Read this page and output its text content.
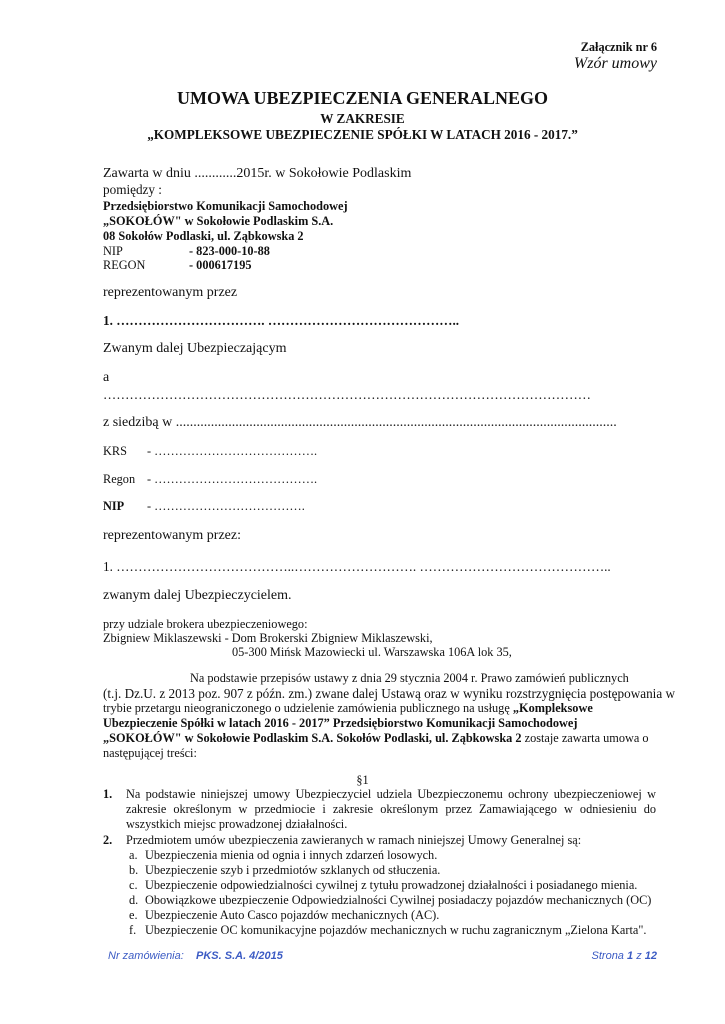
Załącznik nr 6
Wzór umowy
UMOWA UBEZPIECZENIA GENERALNEGO
W ZAKRESIE
„KOMPLEKSOWE UBEZPIECZENIE SPÓŁKI W LATACH 2016 - 2017.”
Zawarta w dniu ............2015r. w Sokołowie Podlaskim
pomiędzy :
Przedsiębiorstwo Komunikacji Samochodowej
„SOKOŁÓW" w Sokołowie Podlaskim S.A.
08 Sokołów Podlaski, ul. Ząbkowska 2
NIP	- 823-000-10-88
REGON	- 000617195
reprezentowanym przez
1. ……………………………. ……………………………………..
Zwanym dalej Ubezpieczającym
a
…………………………………………………………………………………………………
z siedzibą w ..............................................................................................................................
KRS - ………………………………….
Regon - ………………………………….
NIP - ……………………………….
reprezentowanym przez:
1. …………………………………..………………………. ……………………………………..
zwanym dalej Ubezpieczycielem.
przy udziale brokera ubezpieczeniowego:
Zbigniew Miklaszewski - Dom Brokerski Zbigniew Miklaszewski,
05-300 Mińsk Mazowiecki ul. Warszawska 106A lok 35,
Na podstawie przepisów ustawy z dnia 29 stycznia 2004 r. Prawo zamówień publicznych
(t.j. Dz.U. z 2013 poz. 907 z późn. zm.) zwane dalej Ustawą oraz w wyniku rozstrzygnięcia postępowania w
trybie przetargu nieograniczonego o udzielenie zamówienia publicznego na usługę „Kompleksowe
Ubezpieczenie Spółki w latach 2016 - 2017” Przedsiębiorstwo Komunikacji Samochodowej
„SOKOŁÓW" w Sokołowie Podlaskim S.A. Sokołów Podlaski, ul. Ząbkowska 2 zostaje zawarta umowa o
następującej treści:
§1
1. Na podstawie niniejszej umowy Ubezpieczyciel udziela Ubezpieczonemu ochrony ubezpieczeniowej w zakresie określonym w przedmiocie i zakresie określonym przez Zamawiającego w odniesieniu do wszystkich miejsc prowadzonej działalności.
2. Przedmiotem umów ubezpieczenia zawieranych w ramach niniejszej Umowy Generalnej są:
a. Ubezpieczenia mienia od ognia i innych zdarzeń losowych.
b. Ubezpieczenie szyb i przedmiotów szklanych od stłuczenia.
c. Ubezpieczenie odpowiedzialności cywilnej z tytułu prowadzonej działalności i posiadanego mienia.
d. Obowiązkowe ubezpieczenie Odpowiedzialności Cywilnej posiadaczy pojazdów mechanicznych (OC)
e. Ubezpieczenie Auto Casco pojazdów mechanicznych (AC).
f. Ubezpieczenie OC komunikacyjne pojazdów mechanicznych w ruchu zagranicznym „Zielona Karta".
Nr zamówienia: PKS. S.A. 4/2015	Strona 1 z 12
